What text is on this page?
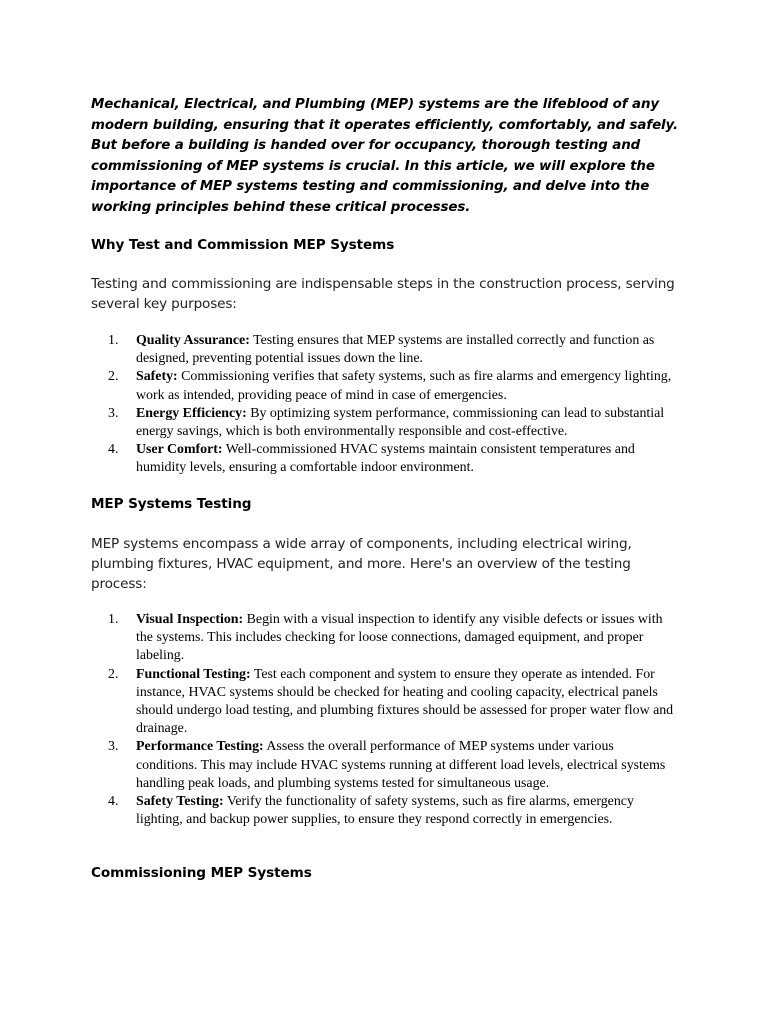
Mechanical, Electrical, and Plumbing (MEP) systems are the lifeblood of any modern building, ensuring that it operates efficiently, comfortably, and safely. But before a building is handed over for occupancy, thorough testing and commissioning of MEP systems is crucial. In this article, we will explore the importance of MEP systems testing and commissioning, and delve into the working principles behind these critical processes.

Why Test and Commission MEP Systems

Testing and commissioning are indispensable steps in the construction process, serving several key purposes:

1.	Quality Assurance: Testing ensures that MEP systems are installed correctly and function as designed, preventing potential issues down the line.
2.	Safety: Commissioning verifies that safety systems, such as fire alarms and emergency lighting, work as intended, providing peace of mind in case of emergencies.
3.	Energy Efficiency: By optimizing system performance, commissioning can lead to substantial energy savings, which is both environmentally responsible and cost-effective.
4.	User Comfort: Well-commissioned HVAC systems maintain consistent temperatures and humidity levels, ensuring a comfortable indoor environment.
MEP Systems Testing

MEP systems encompass a wide array of components, including electrical wiring, plumbing fixtures, HVAC equipment, and more. Here's an overview of the testing process:

1.	Visual Inspection: Begin with a visual inspection to identify any visible defects or issues with the systems. This includes checking for loose connections, damaged equipment, and proper labeling.
2.	Functional Testing: Test each component and system to ensure they operate as intended. For instance, HVAC systems should be checked for heating and cooling capacity, electrical panels should undergo load testing, and plumbing fixtures should be assessed for proper water flow and drainage.
3.	Performance Testing: Assess the overall performance of MEP systems under various conditions. This may include HVAC systems running at different load levels, electrical systems handling peak loads, and plumbing systems tested for simultaneous usage.
4.	Safety Testing: Verify the functionality of safety systems, such as fire alarms, emergency lighting, and backup power supplies, to ensure they respond correctly in emergencies.
Commissioning MEP Systems
